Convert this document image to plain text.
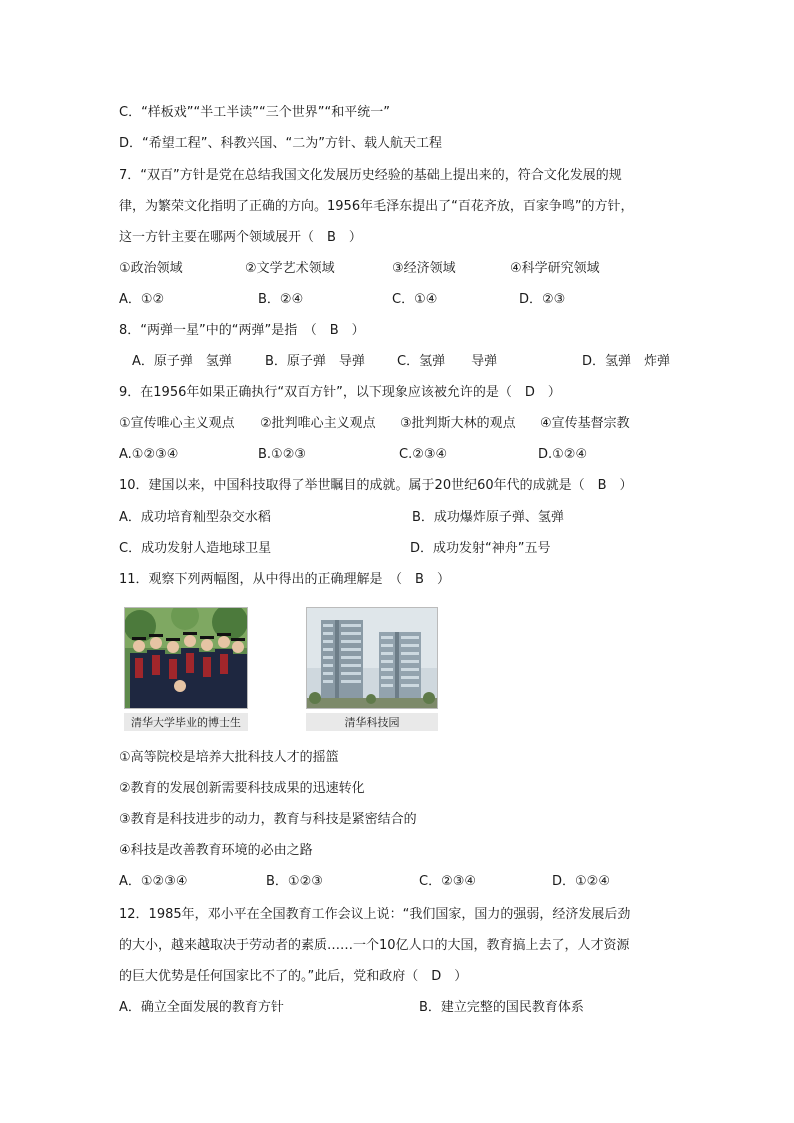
C．“样板戏”“半工半读”“三个世界”“和平统一”
D．“希望工程”、科教兴国、“二为”方针、载人航天工程
7．“双百”方针是党在总结我国文化发展历史经验的基础上提出来的，符合文化发展的规
律，为繁荣文化指明了正确的方向。1956年毛泽东提出了“百花齐放，百家争鸣”的方针，
这一方针主要在哪两个领域展开（　B　）
①政治领域	②文学艺术领域	③经济领域	④科学研究领域
A．①②	B．②④	C．①④	D．②③
8．“两弹一星”中的“两弹”是指　（　B　）
A．原子弹　氢弹	B．原子弹　导弹 C．氢弹　　导弹	D．氢弹　炸弹
9．在1956年如果正确执行“双百方针”，以下现象应该被允许的是（　D　）
①宣传唯心主义观点 ②批判唯心主义观点 ③批判斯大林的观点 ④宣传基督宗教
A.①②③④	B.①②③	C.②③④	D.①②④
10．建国以来，中国科技取得了举世瞩目的成就。属于20世纪60年代的成就是（　B　）
A．成功培育籼型杂交水稻	B．成功爆炸原子弹、氢弹
C．成功发射人造地球卫星	D．成功发射“神舟”五号
11．观察下列两幅图，从中得出的正确理解是　（　B　）
清华大学毕业的博士生	清华科技园
①高等院校是培养大批科技人才的摇篮
②教育的发展创新需要科技成果的迅速转化
③教育是科技进步的动力，教育与科技是紧密结合的
④科技是改善教育环境的必由之路
A．①②③④	B．①②③	C．②③④	D．①②④
12．1985年，邓小平在全国教育工作会议上说：“我们国家，国力的强弱，经济发展后劲
的大小，越来越取决于劳动者的素质……一个10亿人口的大国，教育搞上去了，人才资源
的巨大优势是任何国家比不了的。”此后，党和政府（　D　）
A．确立全面发展的教育方针	B．建立完整的国民教育体系
